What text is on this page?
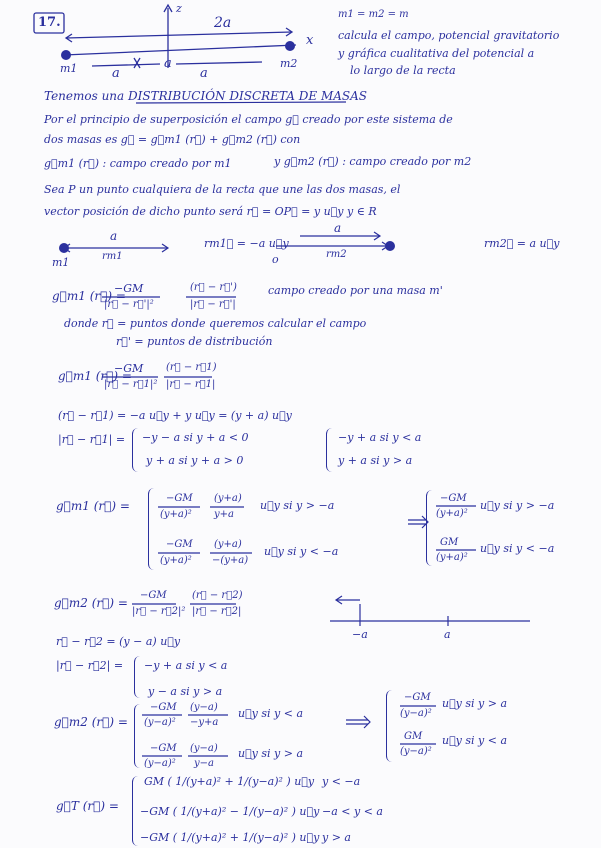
17.
z
2a
x
m1	m2
a
a
a
m1 = m2 = m
calcula el campo, potencial gravitatorio
y gráfica cualitativa del potencial a
lo largo de la recta
Tenemos una DISTRIBUCIÓN DISCRETA DE MASAS
Por el principio de superposición el campo g⃗ creado por este sistema de
dos masas es g⃗ = g⃗m1 (r⃗) + g⃗m2 (r⃗) con
g⃗m1 (r⃗) : campo creado por m1	y g⃗m2 (r⃗) : campo creado por m2
Sea P un punto cualquiera de la recta que une las dos masas, el
vector posición de dicho punto será r⃗ = OP⃗ = y u⃗y y ∈ R
m1
a
rm1
rm1⃗ = −a u⃗y
o
a
rm2
rm2⃗ = a u⃗y
g⃗m1 (r⃗) =
−GM
|r⃗ − r⃗'|²
(r⃗ − r⃗')
|r⃗ − r⃗'|
campo creado por una masa m'
donde r⃗ = puntos donde queremos calcular el campo
r⃗' = puntos de distribución
g⃗m1 (r⃗) =
−GM
|r⃗ − r⃗1|²
(r⃗ − r⃗1)
|r⃗ − r⃗1|
(r⃗ − r⃗1) = −a u⃗y + y u⃗y = (y + a) u⃗y
|r⃗ − r⃗1| = −y − a si y + a < 0
y + a si y + a > 0
−y + a si y < a
y + a si y > a
g⃗m1 (r⃗) =
−GM
(y+a)²
(y+a)
y+a
u⃗y si y > −a
−GM
(y+a)²
(y+a)
−(y+a)
u⃗y si y < −a
−GM
(y+a)²
u⃗y si y > −a
GM
(y+a)²
u⃗y si y < −a
g⃗m2 (r⃗) =
−GM
|r⃗ − r⃗2|²
(r⃗ − r⃗2)
|r⃗ − r⃗2|
−a	a
r⃗ − r⃗2 = (y − a) u⃗y
|r⃗ − r⃗2| = −y + a si y < a
y − a si y > a
g⃗m2 (r⃗) =
−GM
(y−a)²
(y−a)
−y+a
u⃗y si y < a
−GM
(y−a)²
(y−a)
y−a
u⃗y si y > a
−GM
(y−a)²
u⃗y si y > a
GM
(y−a)²
u⃗y si y < a
g⃗T (r⃗) =
GM ( 1/(y+a)² + 1/(y−a)² ) u⃗y y < −a
−GM ( 1/(y+a)² − 1/(y−a)² ) u⃗y −a < y < a
−GM ( 1/(y+a)² + 1/(y−a)² ) u⃗y y > a
